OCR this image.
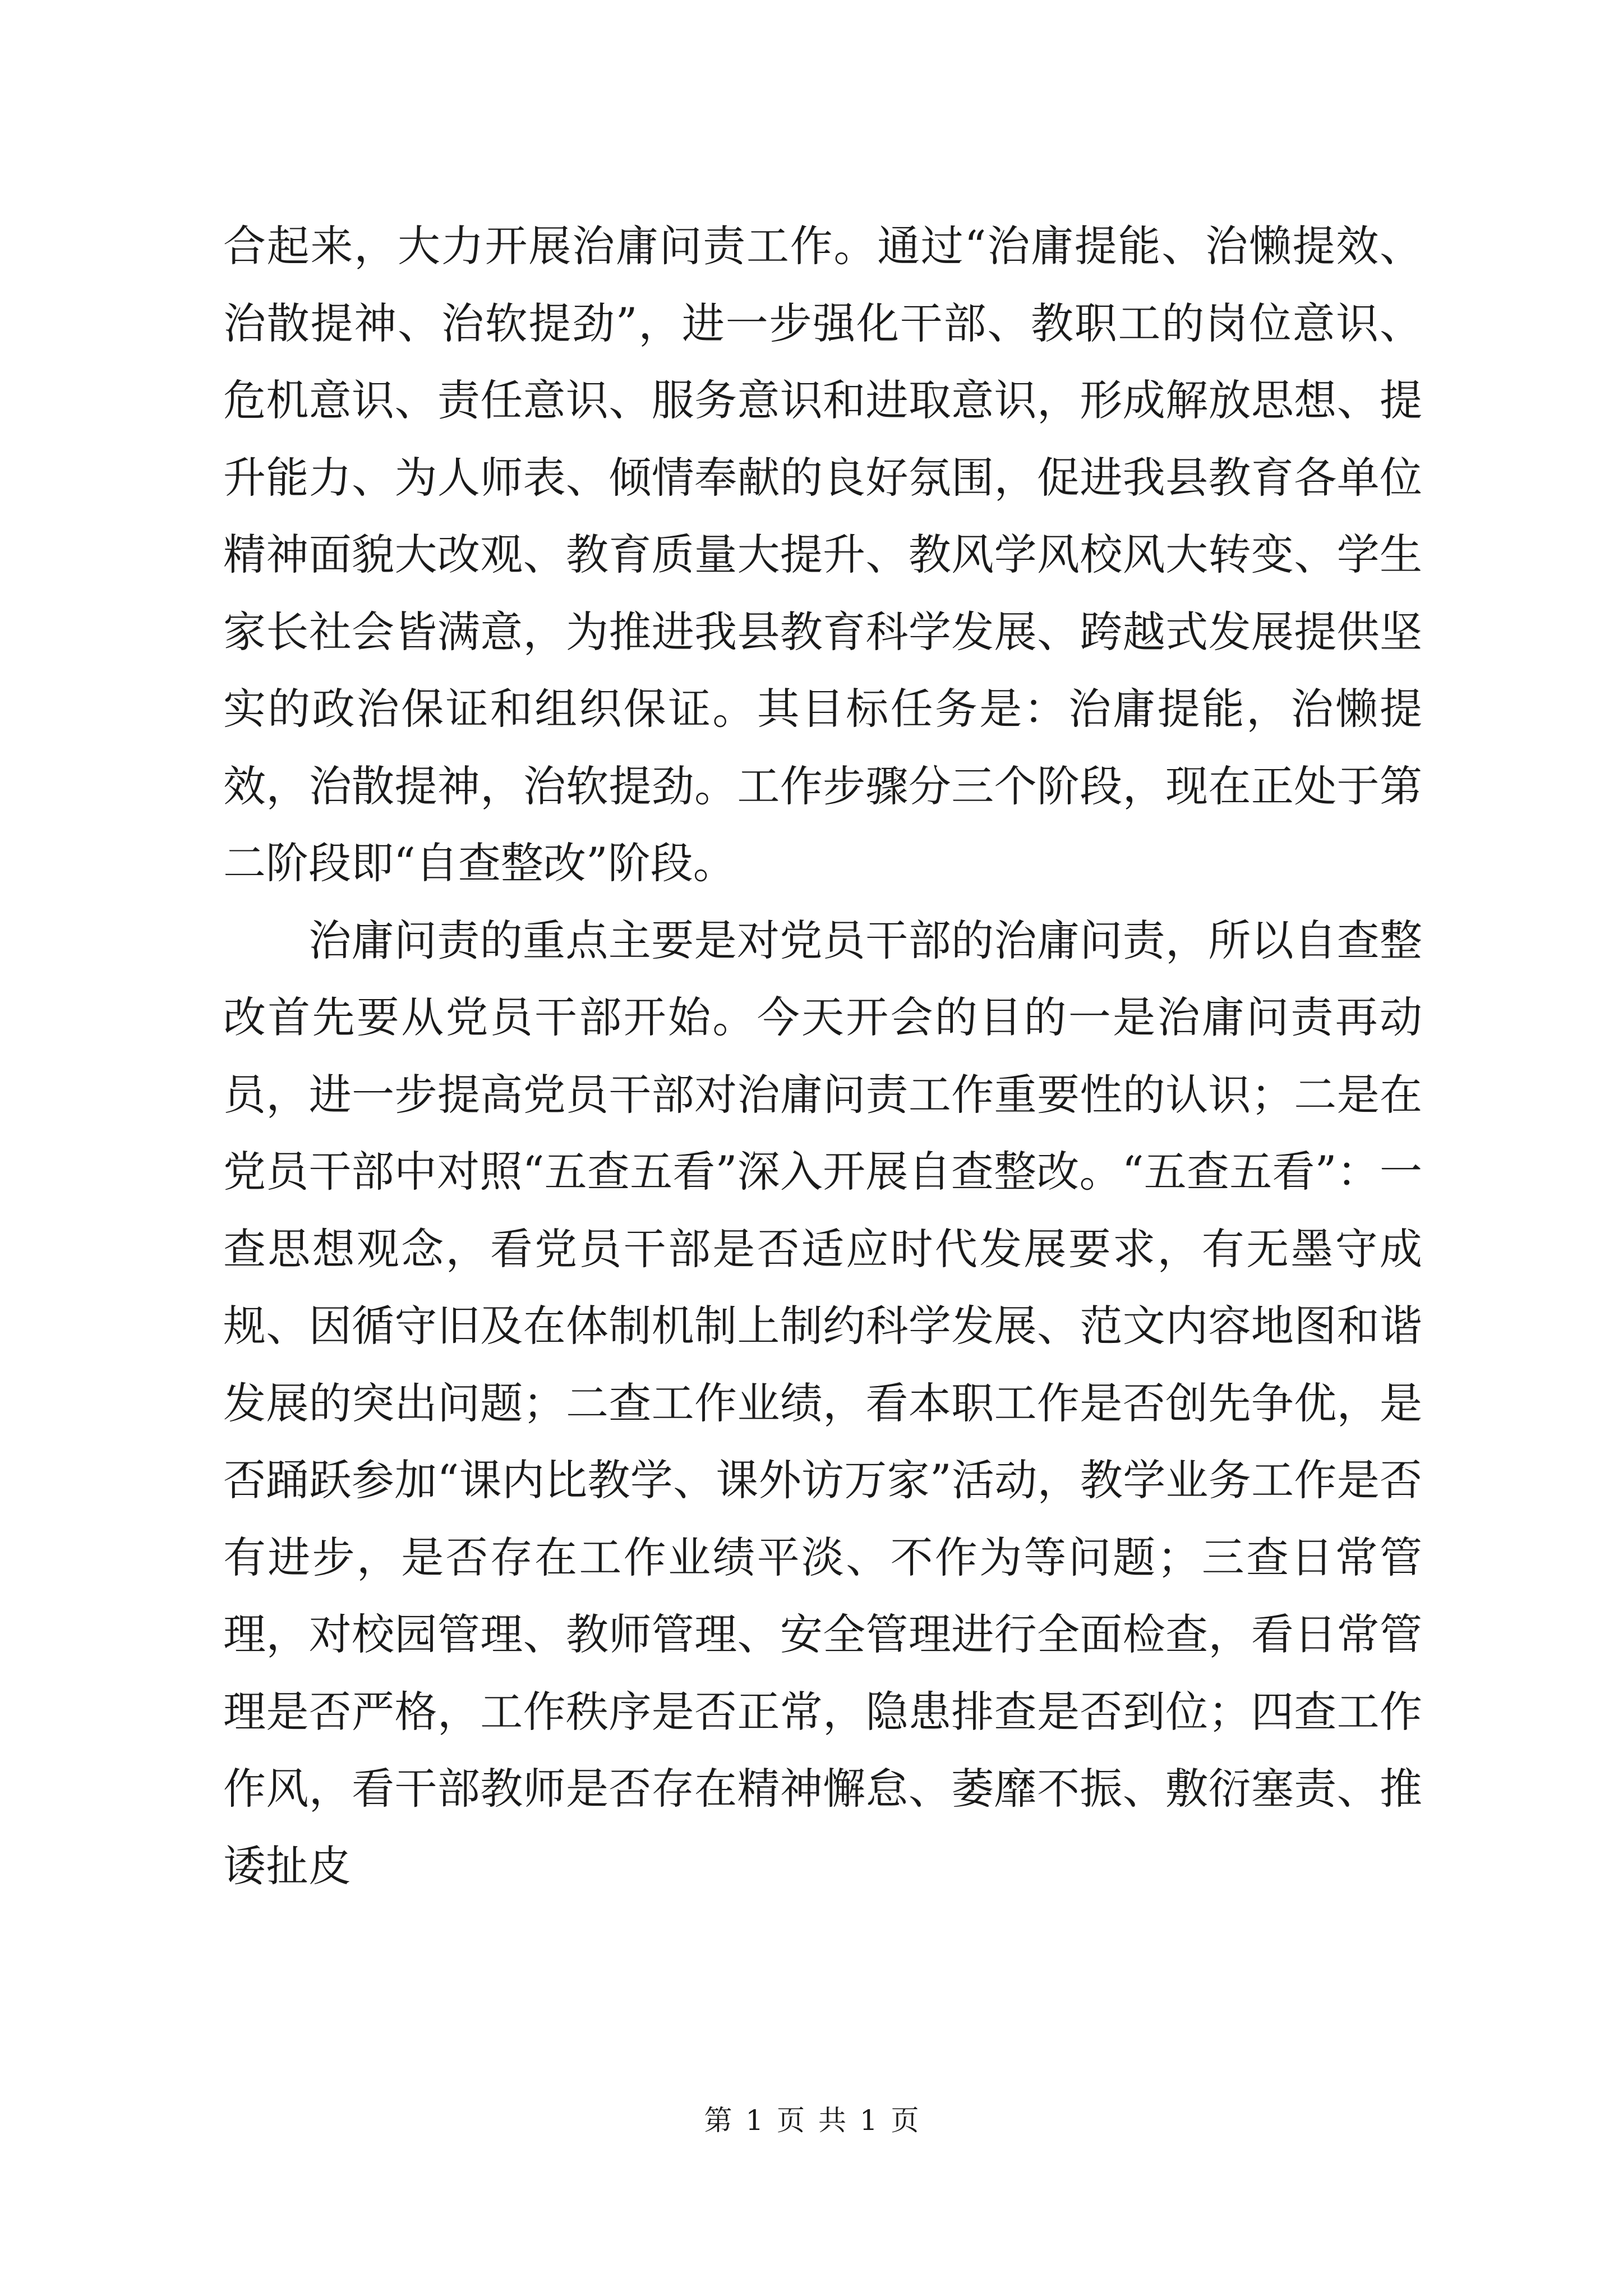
合起来，大力开展治庸问责工作。通过“治庸提能、治懒提效、治散提神、治软提劲”，进一步强化干部、教职工的岗位意识、危机意识、责任意识、服务意识和进取意识，形成解放思想、提升能力、为人师表、倾情奉献的良好氛围，促进我县教育各单位精神面貌大改观、教育质量大提升、教风学风校风大转变、学生家长社会皆满意，为推进我县教育科学发展、跨越式发展提供坚实的政治保证和组织保证。其目标任务是：治庸提能，治懒提效，治散提神，治软提劲。工作步骤分三个阶段，现在正处于第二阶段即“自查整改”阶段。

治庸问责的重点主要是对党员干部的治庸问责，所以自查整改首先要从党员干部开始。今天开会的目的一是治庸问责再动员，进一步提高党员干部对治庸问责工作重要性的认识；二是在党员干部中对照“五查五看”深入开展自查整改。“五查五看”：一查思想观念，看党员干部是否适应时代发展要求，有无墨守成规、因循守旧及在体制机制上制约科学发展、范文内容地图和谐发展的突出问题；二查工作业绩，看本职工作是否创先争优，是否踊跃参加“课内比教学、课外访万家”活动，教学业务工作是否有进步，是否存在工作业绩平淡、不作为等问题；三查日常管理，对校园管理、教师管理、安全管理进行全面检查，看日常管理是否严格，工作秩序是否正常，隐患排查是否到位；四查工作作风，看干部教师是否存在精神懈怠、萎靡不振、敷衍塞责、推诿扯皮

第 1 页 共 1 页
